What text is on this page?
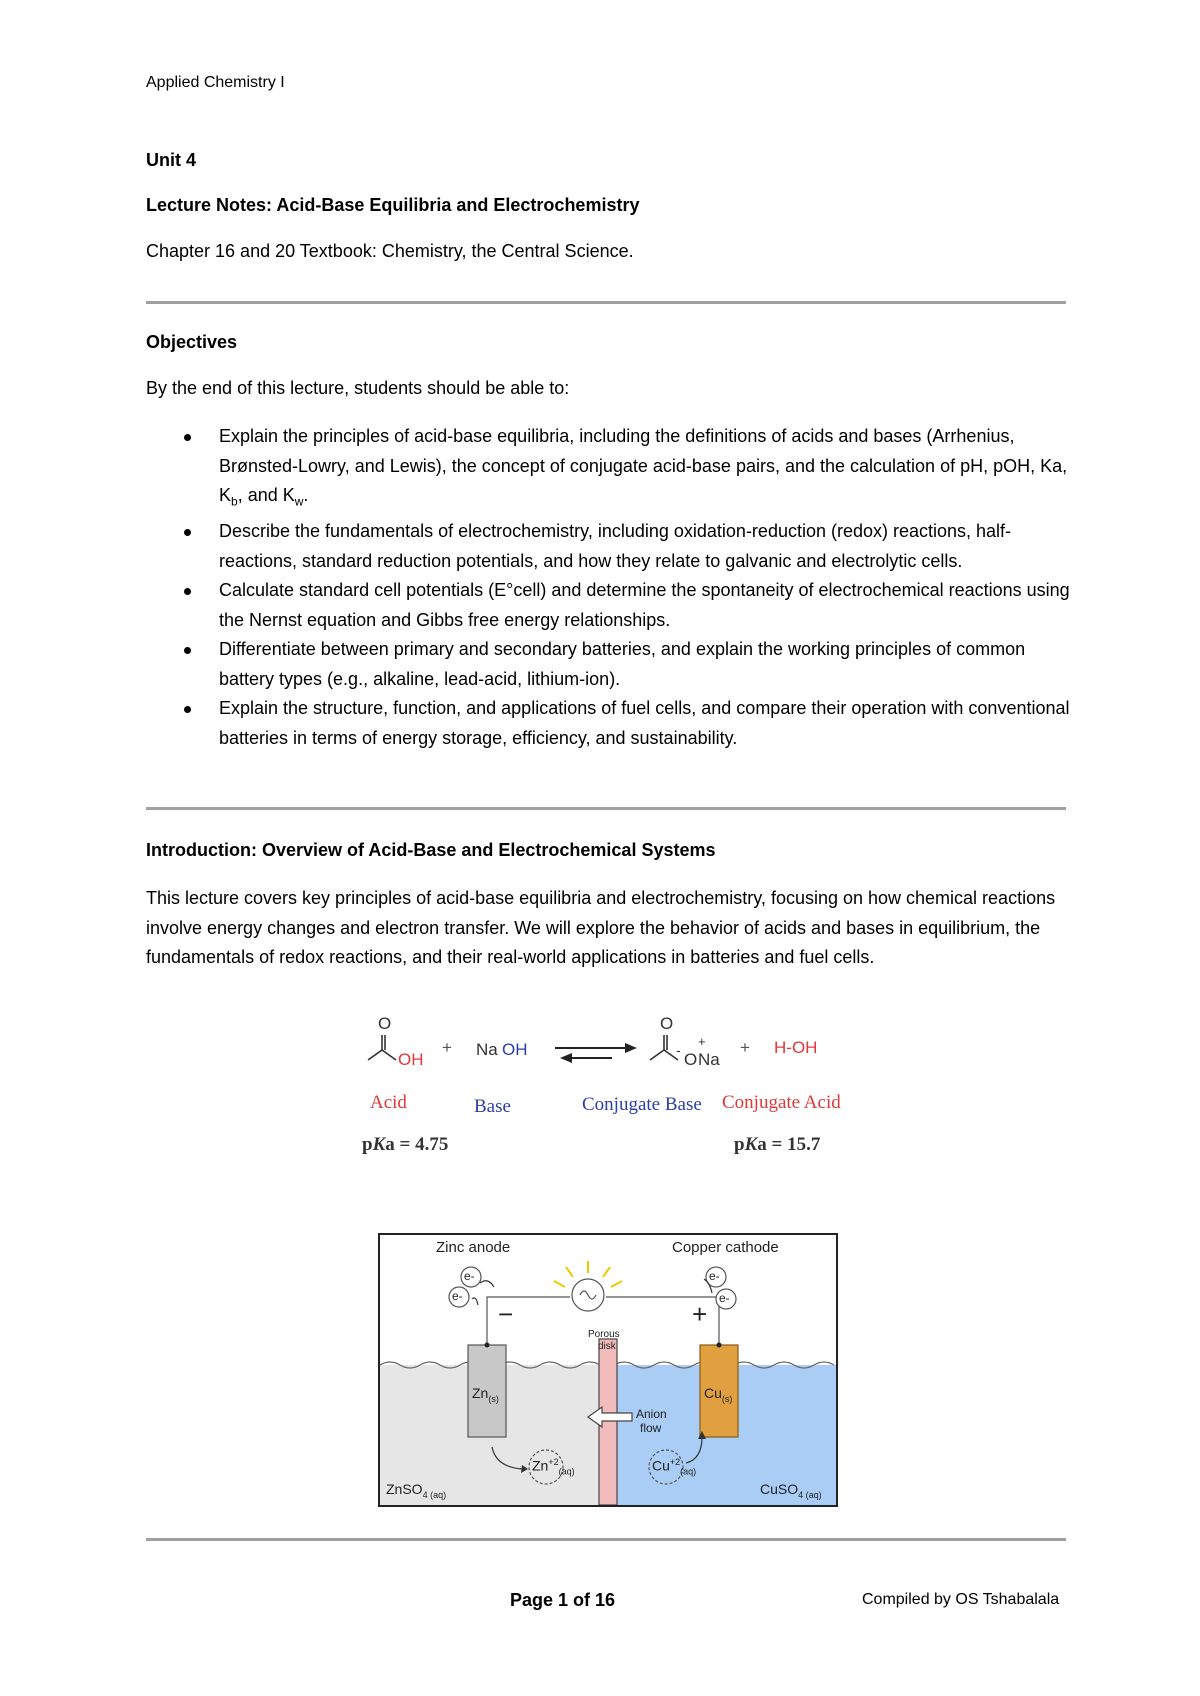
Applied Chemistry I
Unit 4
Lecture Notes: Acid-Base Equilibria and Electrochemistry
Chapter 16 and 20 Textbook: Chemistry, the Central Science.
Objectives
By the end of this lecture, students should be able to:
Explain the principles of acid-base equilibria, including the definitions of acids and bases (Arrhenius, Brønsted-Lowry, and Lewis), the concept of conjugate acid-base pairs, and the calculation of pH, pOH, Ka, $K_b$, and $K_w$.
Describe the fundamentals of electrochemistry, including oxidation-reduction (redox) reactions, half-reactions, standard reduction potentials, and how they relate to galvanic and electrolytic cells.
Calculate standard cell potentials (E°cell) and determine the spontaneity of electrochemical reactions using the Nernst equation and Gibbs free energy relationships.
Differentiate between primary and secondary batteries, and explain the working principles of common battery types (e.g., alkaline, lead-acid, lithium-ion).
Explain the structure, function, and applications of fuel cells, and compare their operation with conventional batteries in terms of energy storage, efficiency, and sustainability.
Introduction: Overview of Acid-Base and Electrochemical Systems
This lecture covers key principles of acid-base equilibria and electrochemistry, focusing on how chemical reactions involve energy changes and electron transfer. We will explore the behavior of acids and bases in equilibrium, the fundamentals of redox reactions, and their real-world applications in batteries and fuel cells.
O
OH
+ Na OH
O
-
+
O Na
+ H-OH
Acid	Base	Conjugate Base Conjugate Acid
pKa = 4.75	pKa = 15.7
Zinc anode	Copper cathode
e-
e-
e-
e-
−	+
Porous
disk
$Zn_{(s)}$	$Cu_{(s)}$
Anion
flow
$Zn^{+2}_{(aq)}$	$Cu^{+2}_{(aq)}$
ZnSO$_{4 (aq)}$	CuSO$_{4 (aq)}$
Page 1 of 16	Compiled by OS Tshabalala
